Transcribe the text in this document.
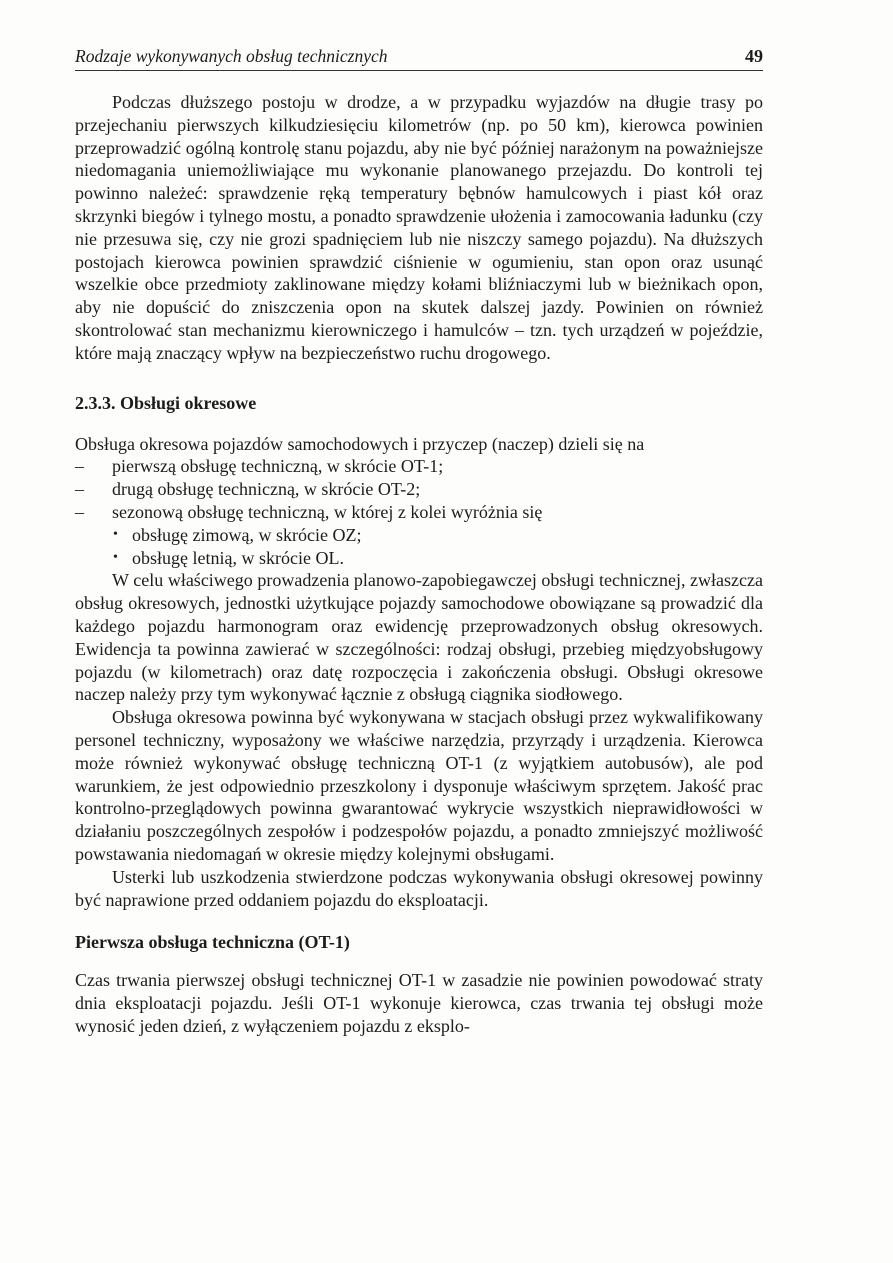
Rodzaje wykonywanych obsług technicznych	49

Podczas dłuższego postoju w drodze, a w przypadku wyjazdów na długie trasy po przejechaniu pierwszych kilkudziesięciu kilometrów (np. po 50 km), kierowca powinien przeprowadzić ogólną kontrolę stanu pojazdu, aby nie być później narażonym na poważniejsze niedomagania uniemożliwiające mu wykonanie planowanego przejazdu. Do kontroli tej powinno należeć: sprawdzenie ręką temperatury bębnów hamulcowych i piast kół oraz skrzynki biegów i tylnego mostu, a ponadto sprawdzenie ułożenia i zamocowania ładunku (czy nie przesuwa się, czy nie grozi spadnięciem lub nie niszczy samego pojazdu). Na dłuższych postojach kierowca powinien sprawdzić ciśnienie w ogumieniu, stan opon oraz usunąć wszelkie obce przedmioty zaklinowane między kołami bliźniaczymi lub w bieżnikach opon, aby nie dopuścić do zniszczenia opon na skutek dalszej jazdy. Powinien on również skontrolować stan mechanizmu kierowniczego i hamulców – tzn. tych urządzeń w pojeździe, które mają znaczący wpływ na bezpieczeństwo ruchu drogowego.

2.3.3. Obsługi okresowe

Obsługa okresowa pojazdów samochodowych i przyczep (naczep) dzieli się na

– pierwszą obsługę techniczną, w skrócie OT-1;
– drugą obsługę techniczną, w skrócie OT-2;
– sezonową obsługę techniczną, w której z kolei wyróżnia się
• obsługę zimową, w skrócie OZ;
• obsługę letnią, w skrócie OL.

W celu właściwego prowadzenia planowo-zapobiegawczej obsługi technicznej, zwłaszcza obsług okresowych, jednostki użytkujące pojazdy samochodowe obowiązane są prowadzić dla każdego pojazdu harmonogram oraz ewidencję przeprowadzonych obsług okresowych. Ewidencja ta powinna zawierać w szczególności: rodzaj obsługi, przebieg międzyobsługowy pojazdu (w kilometrach) oraz datę rozpoczęcia i zakończenia obsługi. Obsługi okresowe naczep należy przy tym wykonywać łącznie z obsługą ciągnika siodłowego.

Obsługa okresowa powinna być wykonywana w stacjach obsługi przez wykwalifikowany personel techniczny, wyposażony we właściwe narzędzia, przyrządy i urządzenia. Kierowca może również wykonywać obsługę techniczną OT-1 (z wyjątkiem autobusów), ale pod warunkiem, że jest odpowiednio przeszkolony i dysponuje właściwym sprzętem. Jakość prac kontrolno-przeglądowych powinna gwarantować wykrycie wszystkich nieprawidłowości w działaniu poszczególnych zespołów i podzespołów pojazdu, a ponadto zmniejszyć możliwość powstawania niedomagań w okresie między kolejnymi obsługami.

Usterki lub uszkodzenia stwierdzone podczas wykonywania obsługi okresowej powinny być naprawione przed oddaniem pojazdu do eksploatacji.

Pierwsza obsługa techniczna (OT-1)

Czas trwania pierwszej obsługi technicznej OT-1 w zasadzie nie powinien powodować straty dnia eksploatacji pojazdu. Jeśli OT-1 wykonuje kierowca, czas trwania tej obsługi może wynosić jeden dzień, z wyłączeniem pojazdu z eksplo-
